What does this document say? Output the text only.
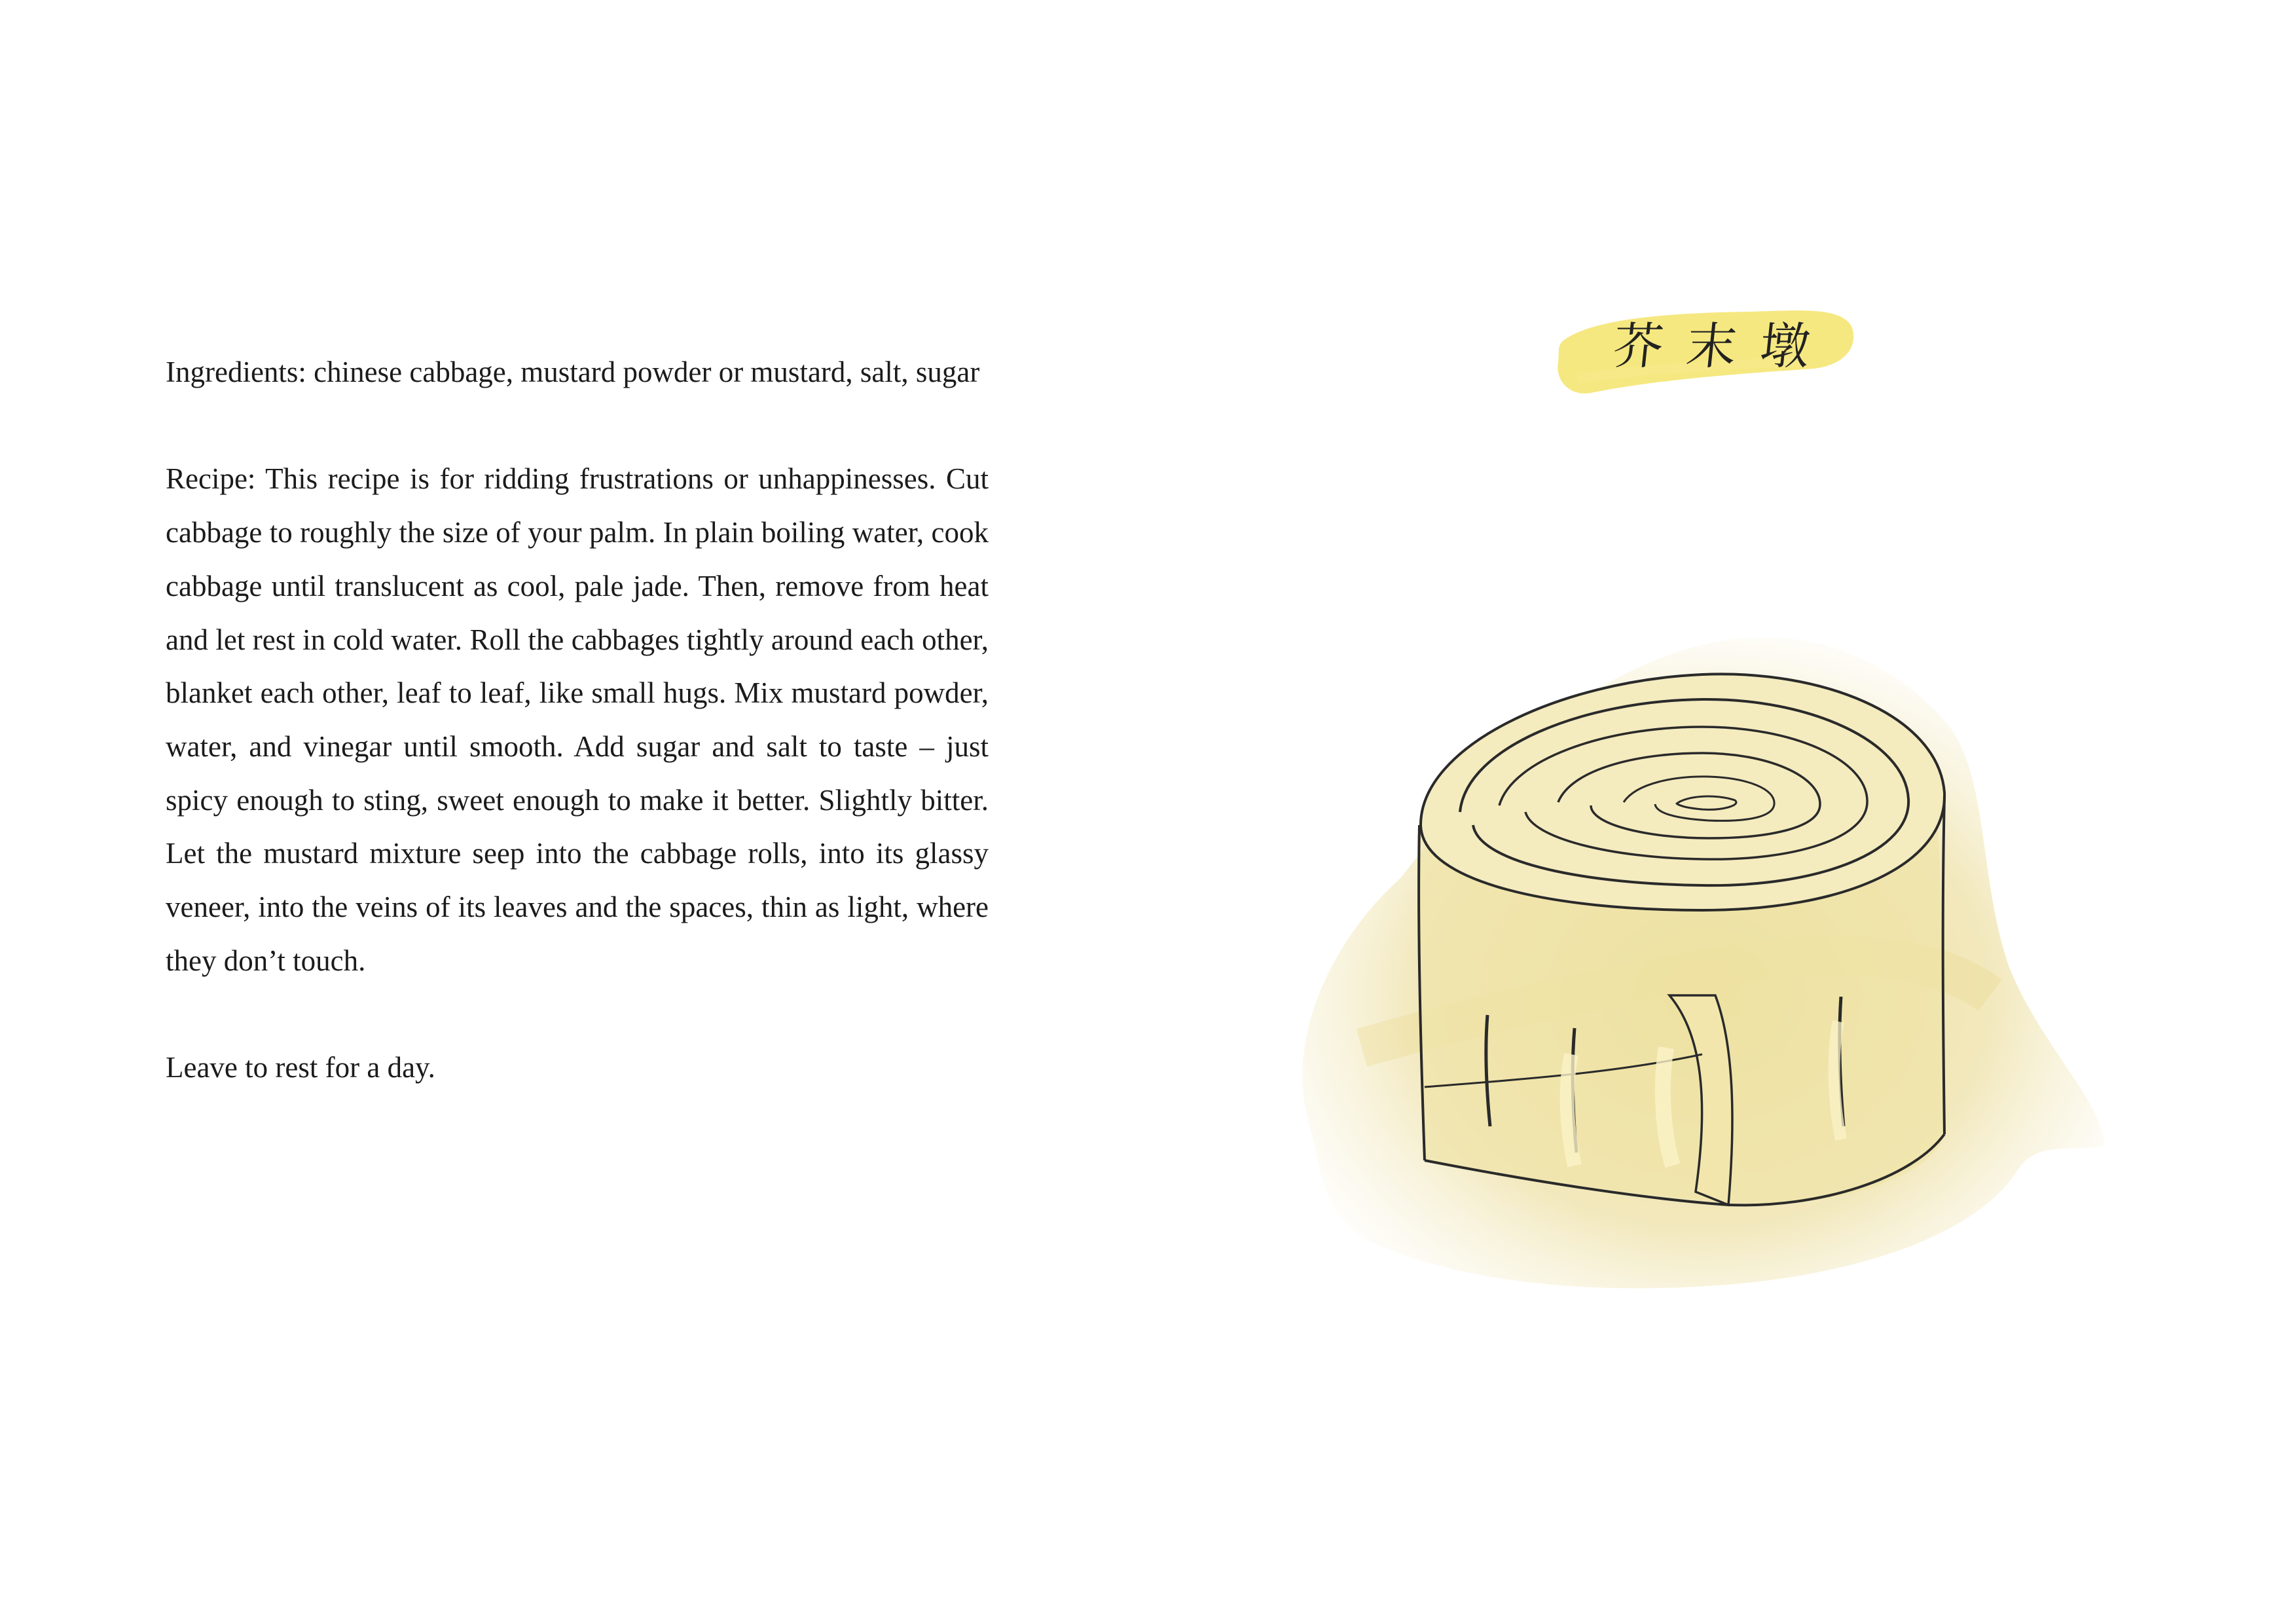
Ingredients: chinese cabbage, mustard powder or mustard, salt, sugar

Recipe: This recipe is for ridding frustrations or unhappinesses. Cut cabbage to roughly the size of your palm. In plain boiling water, cook cabbage until translucent as cool, pale jade. Then, remove from heat and let rest in cold water. Roll the cabbages tightly around each other, blanket each other, leaf to leaf, like small hugs. Mix mustard powder, water, and vinegar until smooth. Add sugar and salt to taste – just spicy enough to sting, sweet enough to make it better. Slightly bitter. Let the mustard mixture seep into the cabbage rolls, into its glassy veneer, into the veins of its leaves and the spaces, thin as light, where they don’t touch.

Leave to rest for a day.

芥末墩
